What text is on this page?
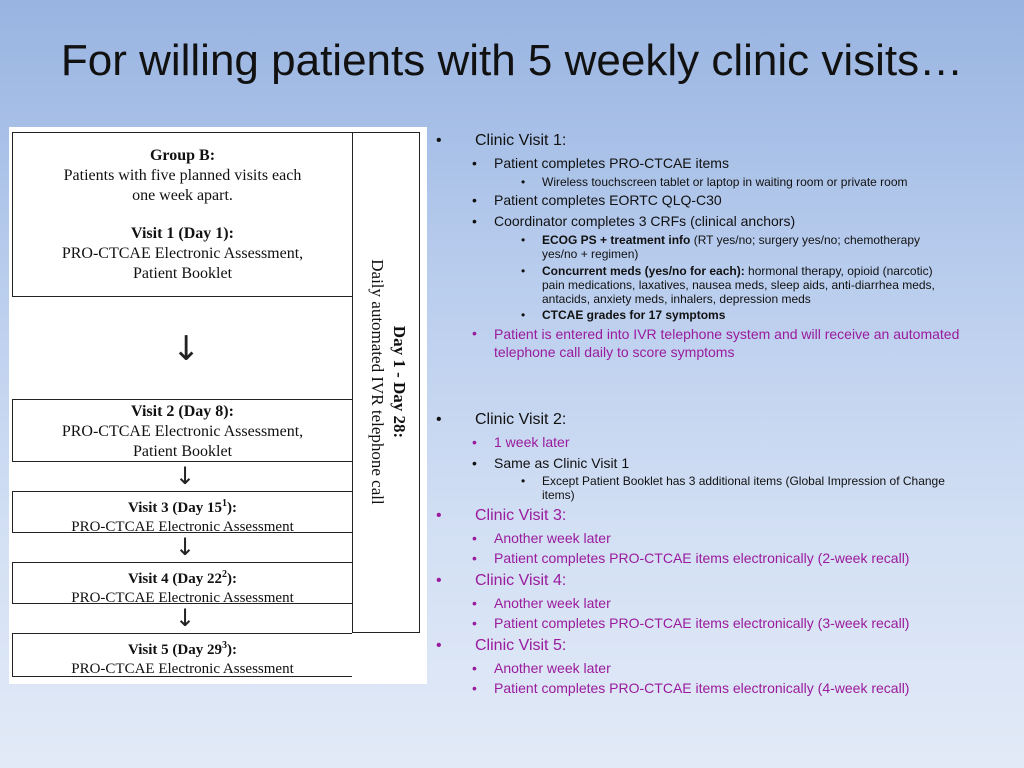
For willing patients with 5 weekly clinic visits…
Day 1 - Day 28:
Daily automated IVR telephone call
Group B:
Patients with five planned visits each
one week apart.
Visit 1 (Day 1):
PRO-CTCAE Electronic Assessment,
Patient Booklet
↓
Visit 2 (Day 8):
PRO-CTCAE Electronic Assessment,
Patient Booklet
↓
Visit 3 (Day $15^1$):
PRO-CTCAE Electronic Assessment
↓
Visit 4 (Day $22^2$):
PRO-CTCAE Electronic Assessment
↓
Visit 5 (Day $29^3$):
PRO-CTCAE Electronic Assessment
• Clinic Visit 1:
• Patient completes PRO-CTCAE items
• Wireless touchscreen tablet or laptop in waiting room or private room
• Patient completes EORTC QLQ-C30
• Coordinator completes 3 CRFs (clinical anchors)
• ECOG PS + treatment info (RT yes/no; surgery yes/no; chemotherapy yes/no + regimen)
• Concurrent meds (yes/no for each): hormonal therapy, opioid (narcotic) pain medications, laxatives, nausea meds, sleep aids, anti-diarrhea meds, antacids, anxiety meds, inhalers, depression meds
• CTCAE grades for 17 symptoms
• Patient is entered into IVR telephone system and will receive an automated telephone call daily to score symptoms
• Clinic Visit 2:
• 1 week later
• Same as Clinic Visit 1
• Except Patient Booklet has 3 additional items (Global Impression of Change items)
• Clinic Visit 3:
• Another week later
• Patient completes PRO-CTCAE items electronically (2-week recall)
• Clinic Visit 4:
• Another week later
• Patient completes PRO-CTCAE items electronically (3-week recall)
• Clinic Visit 5:
• Another week later
• Patient completes PRO-CTCAE items electronically (4-week recall)
